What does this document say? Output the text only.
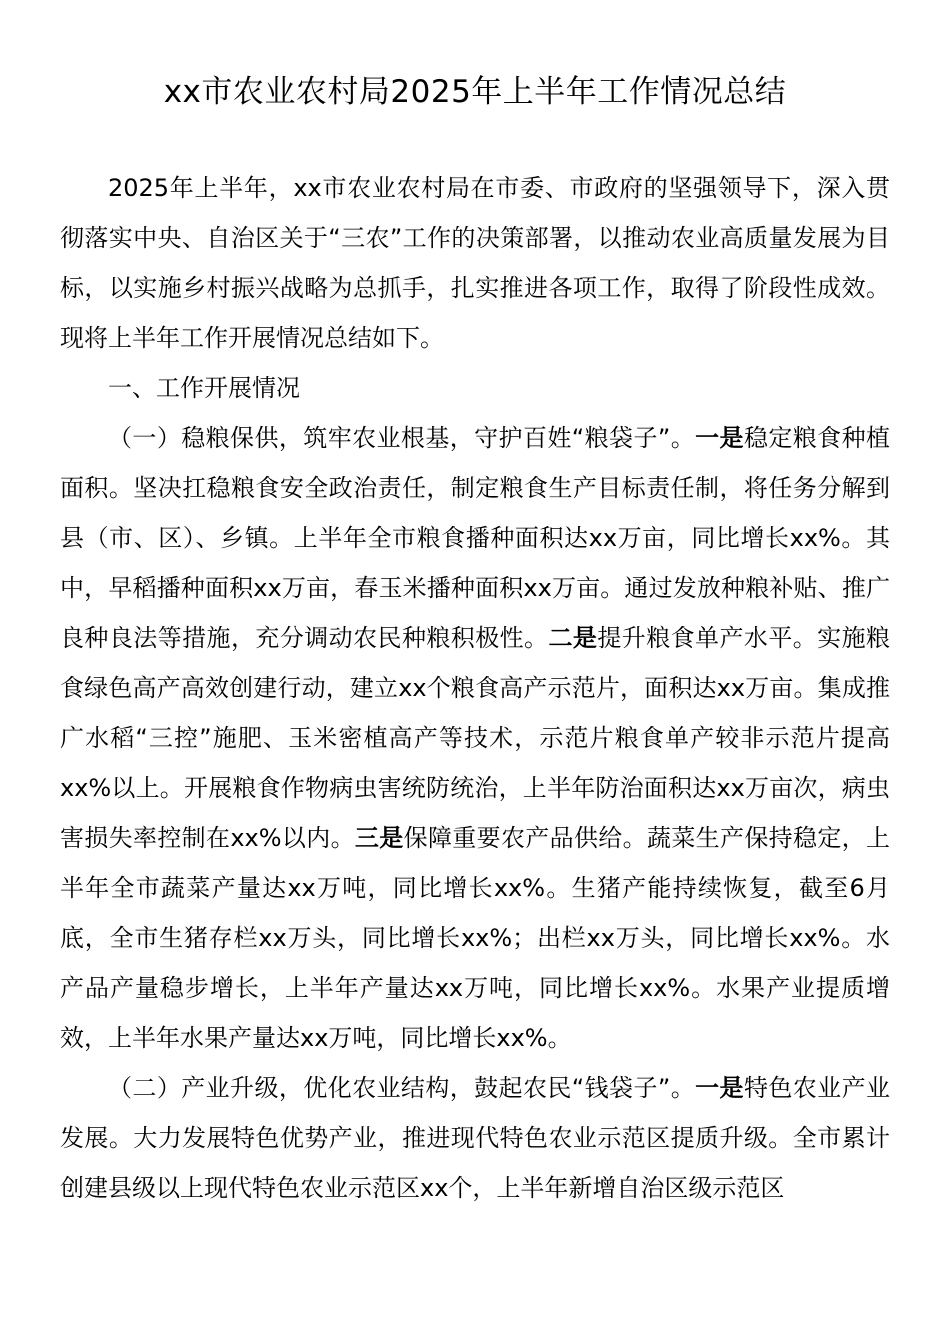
xx市农业农村局2025年上半年工作情况总结

2025年上半年，xx市农业农村局在市委、市政府的坚强领导下，深入贯彻落实中央、自治区关于“三农”工作的决策部署，以推动农业高质量发展为目标，以实施乡村振兴战略为总抓手，扎实推进各项工作，取得了阶段性成效。现将上半年工作开展情况总结如下。

一、工作开展情况

（一）稳粮保供，筑牢农业根基，守护百姓“粮袋子”。一是稳定粮食种植面积。坚决扛稳粮食安全政治责任，制定粮食生产目标责任制，将任务分解到县（市、区）、乡镇。上半年全市粮食播种面积达xx万亩，同比增长xx%。其中，早稻播种面积xx万亩，春玉米播种面积xx万亩。通过发放种粮补贴、推广良种良法等措施，充分调动农民种粮积极性。二是提升粮食单产水平。实施粮食绿色高产高效创建行动，建立xx个粮食高产示范片，面积达xx万亩。集成推广水稻“三控”施肥、玉米密植高产等技术，示范片粮食单产较非示范片提高xx%以上。开展粮食作物病虫害统防统治，上半年防治面积达xx万亩次，病虫害损失率控制在xx%以内。三是保障重要农产品供给。蔬菜生产保持稳定，上半年全市蔬菜产量达xx万吨，同比增长xx%。生猪产能持续恢复，截至6月底，全市生猪存栏xx万头，同比增长xx%；出栏xx万头，同比增长xx%。水产品产量稳步增长，上半年产量达xx万吨，同比增长xx%。水果产业提质增效，上半年水果产量达xx万吨，同比增长xx%。

（二）产业升级，优化农业结构，鼓起农民“钱袋子”。一是特色农业产业发展。大力发展特色优势产业，推进现代特色农业示范区提质升级。全市累计创建县级以上现代特色农业示范区xx个，上半年新增自治区级示范区
